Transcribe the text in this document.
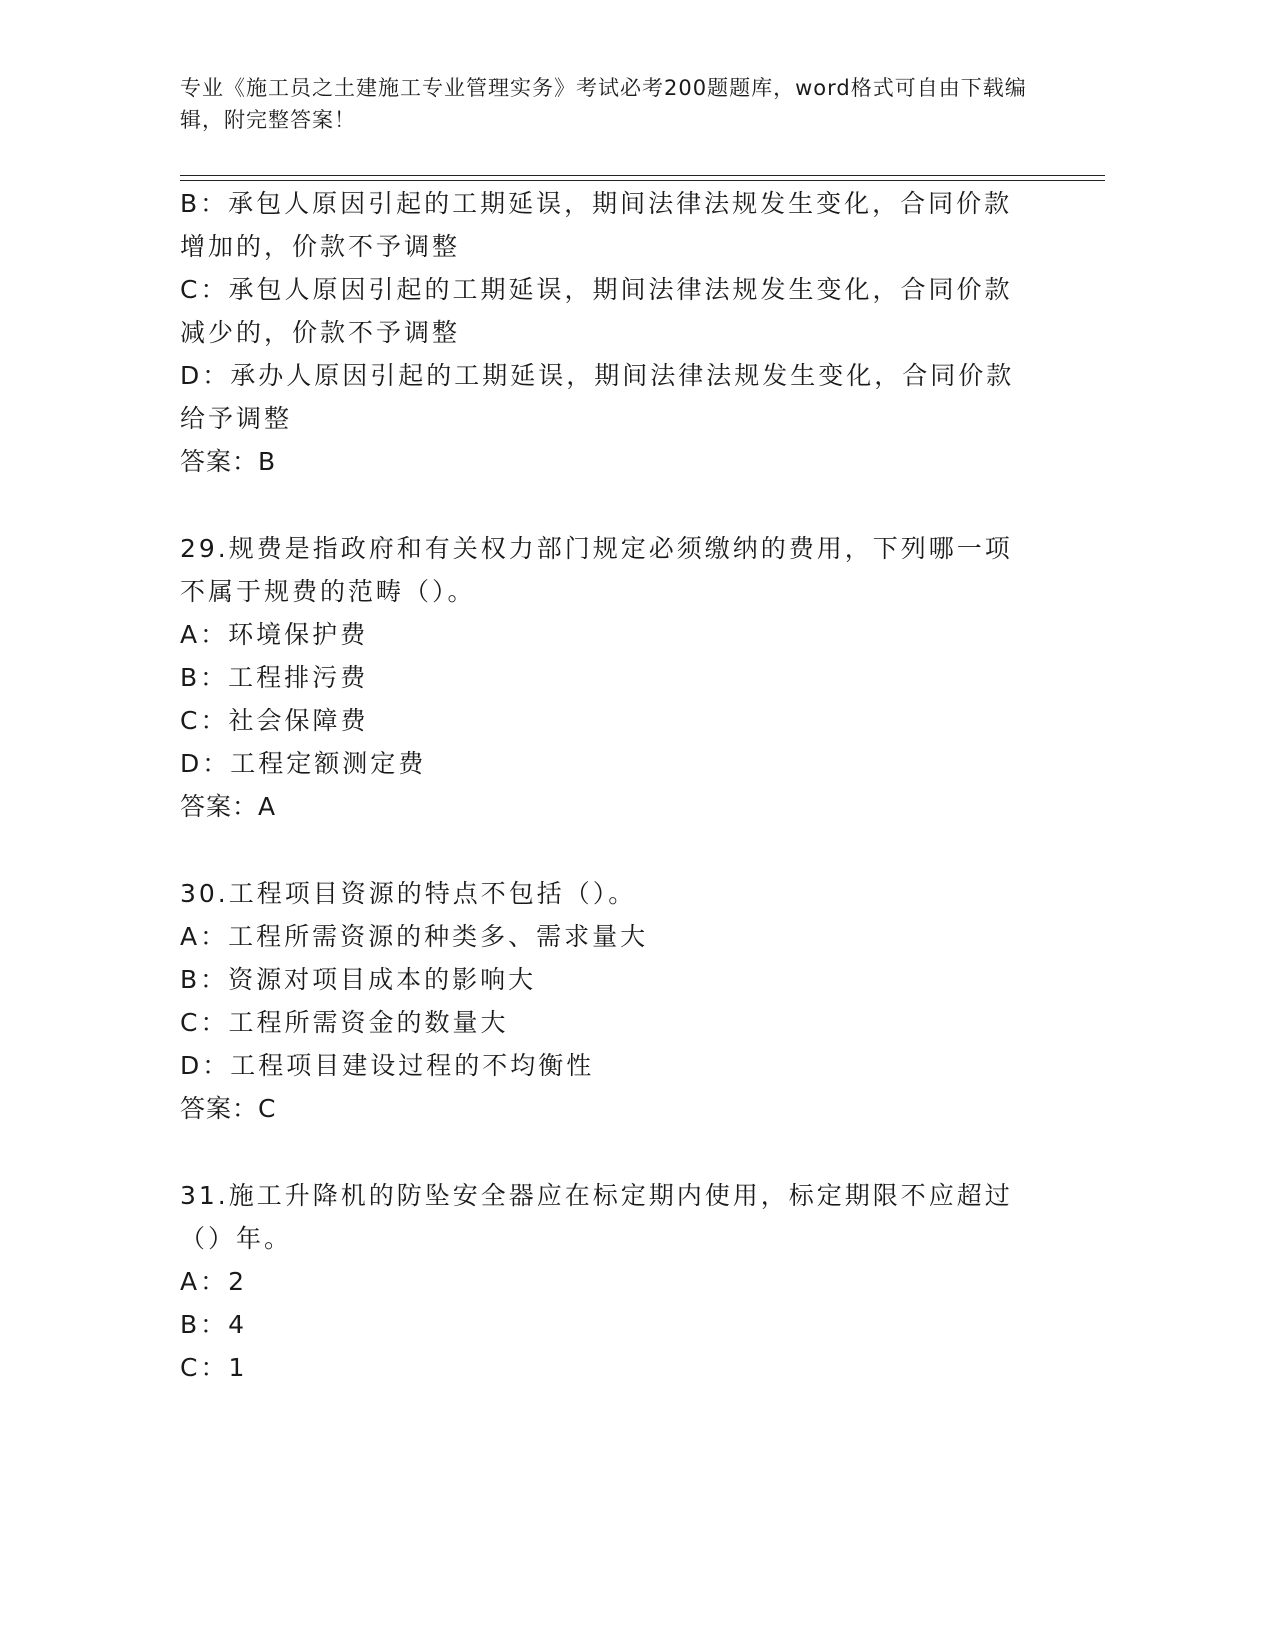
专业《施工员之土建施工专业管理实务》考试必考200题题库，word格式可自由下载编辑，附完整答案！

B：承包人原因引起的工期延误，期间法律法规发生变化，合同价款增加的，价款不予调整

C：承包人原因引起的工期延误，期间法律法规发生变化，合同价款减少的，价款不予调整

D：承办人原因引起的工期延误，期间法律法规发生变化，合同价款给予调整

答案：B

29.规费是指政府和有关权力部门规定必须缴纳的费用，下列哪一项不属于规费的范畴（）。

A：环境保护费

B：工程排污费

C：社会保障费

D：工程定额测定费

答案：A

30.工程项目资源的特点不包括（）。

A：工程所需资源的种类多、需求量大

B：资源对项目成本的影响大

C：工程所需资金的数量大

D：工程项目建设过程的不均衡性

答案：C

31.施工升降机的防坠安全器应在标定期内使用，标定期限不应超过（）年。

A：2

B：4

C：1
